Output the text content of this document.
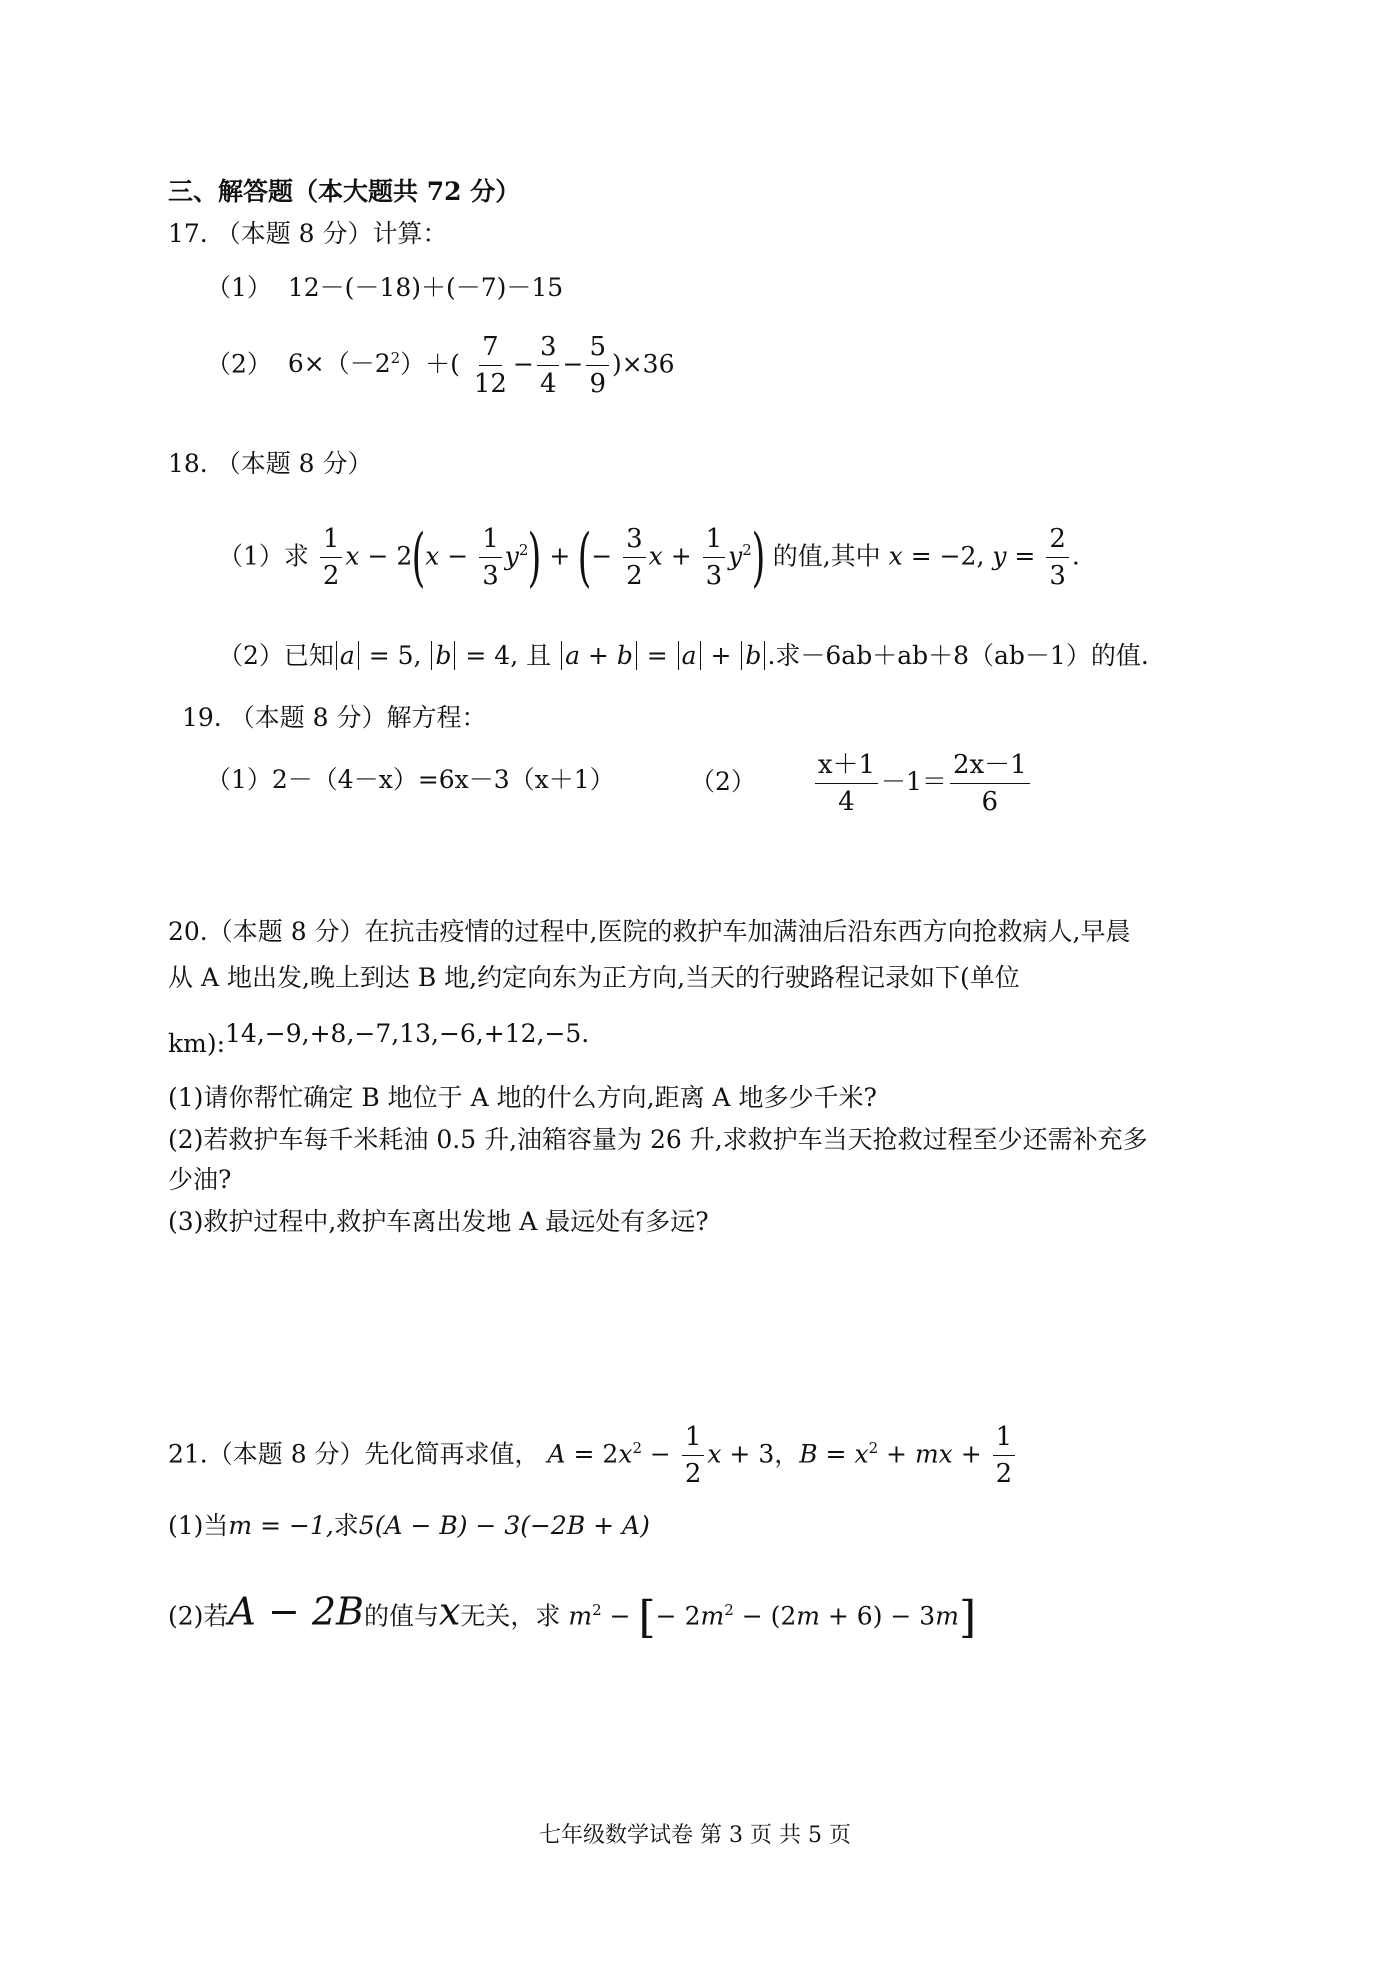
三、解答题（本大题共 72 分）
17. （本题 8 分）计算：
（1） 12－(－18)＋(－7)－15
（2） $6\times(-2^2)+( \frac{7}{12} - \frac{3}{4} - \frac{5}{9} )\times 36$
18. （本题 8 分）
（1）求 $\frac{1}{2}$ $x - 2(x - \frac{1}{3} y^2)$ + (− $\frac{3}{2}$ $x + \frac{1}{3} y^2$) 的值,其中 x = −2, $y = \frac{2}{3}$ .
（2）已知 a = 5, b = 4, 且 a + b = a + b .求－6ab＋ab＋8（ab－1）的值.
19. （本题 8 分）解方程：
（1）2－（4－x）=6x－3（x＋1）	$(2) \frac{x+1}{4} -1= \frac{2x-1}{6}$
20.（本题 8 分）在抗击疫情的过程中,医院的救护车加满油后沿东西方向抢救病人,早晨
从 A 地出发,晚上到达 B 地,约定向东为正方向,当天的行驶路程记录如下(单位
km):14,−9,+8,−7,13,−6,+12,−5.
(1)请你帮忙确定 B 地位于 A 地的什么方向,距离 A 地多少千米?
(2)若救护车每千米耗油 0.5 升,油箱容量为 26 升,求救护车当天抢救过程至少还需补充多
少油?
(3)救护过程中,救护车离出发地 A 最远处有多远?
21.（本题 8 分）先化简再求值， $A = 2x^2 - \frac{1}{2}$ x + 3，$B = x^2$ + mx + $\frac{1}{2}$
(1)当m = −1,求5(A − B) − 3(−2B + A)
(2)若A − 2B的值与x无关，求 $m^2$ − [− $2m^2 - (2m + 6) - 3m$]
七年级数学试卷 第 3 页 共 5 页
